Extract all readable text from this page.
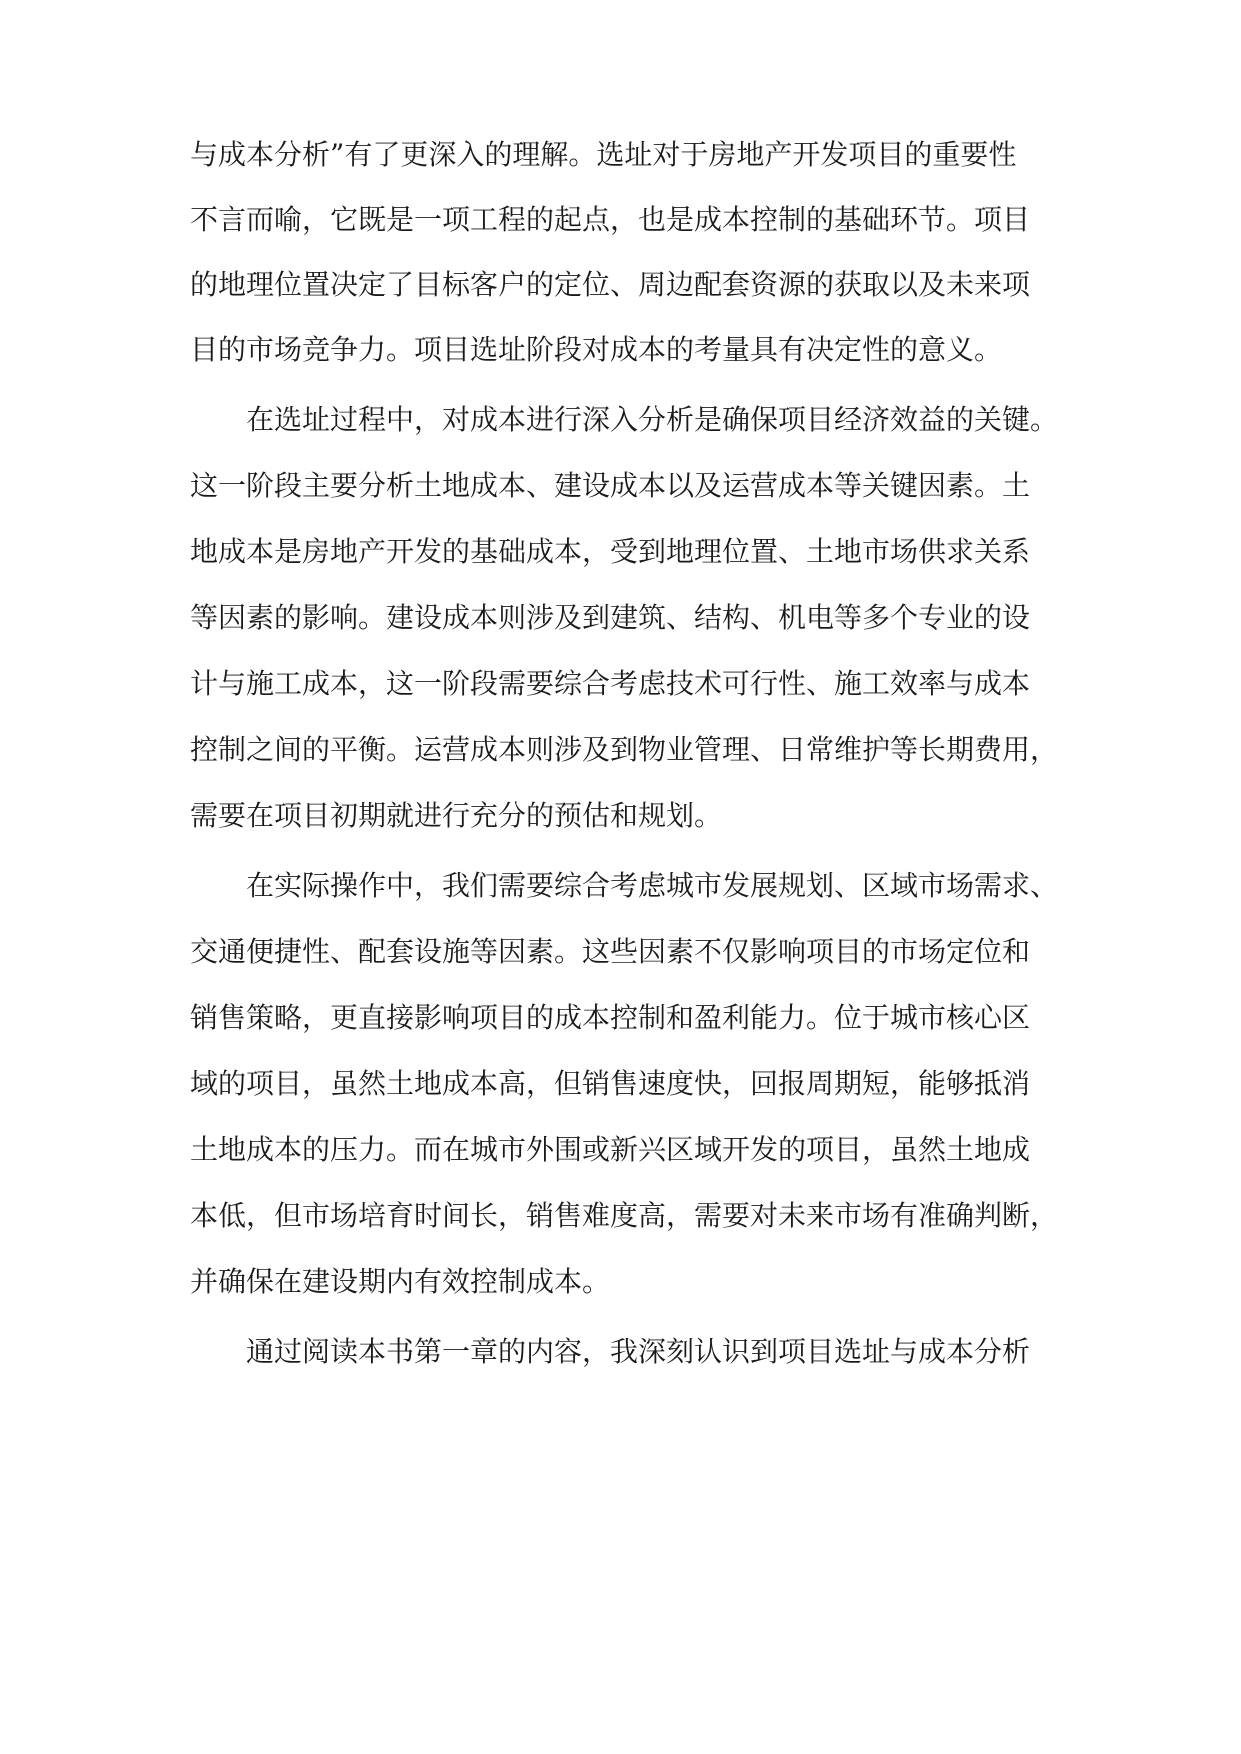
与成本分析”有了更深入的理解。选址对于房地产开发项目的重要性

不言而喻，它既是一项工程的起点，也是成本控制的基础环节。项目

的地理位置决定了目标客户的定位、周边配套资源的获取以及未来项

目的市场竞争力。项目选址阶段对成本的考量具有决定性的意义。

在选址过程中，对成本进行深入分析是确保项目经济效益的关键。

这一阶段主要分析土地成本、建设成本以及运营成本等关键因素。土

地成本是房地产开发的基础成本，受到地理位置、土地市场供求关系

等因素的影响。建设成本则涉及到建筑、结构、机电等多个专业的设

计与施工成本，这一阶段需要综合考虑技术可行性、施工效率与成本

控制之间的平衡。运营成本则涉及到物业管理、日常维护等长期费用，

需要在项目初期就进行充分的预估和规划。

在实际操作中，我们需要综合考虑城市发展规划、区域市场需求、

交通便捷性、配套设施等因素。这些因素不仅影响项目的市场定位和

销售策略，更直接影响项目的成本控制和盈利能力。位于城市核心区

域的项目，虽然土地成本高，但销售速度快，回报周期短，能够抵消

土地成本的压力。而在城市外围或新兴区域开发的项目，虽然土地成

本低，但市场培育时间长，销售难度高，需要对未来市场有准确判断，

并确保在建设期内有效控制成本。

通过阅读本书第一章的内容，我深刻认识到项目选址与成本分析
